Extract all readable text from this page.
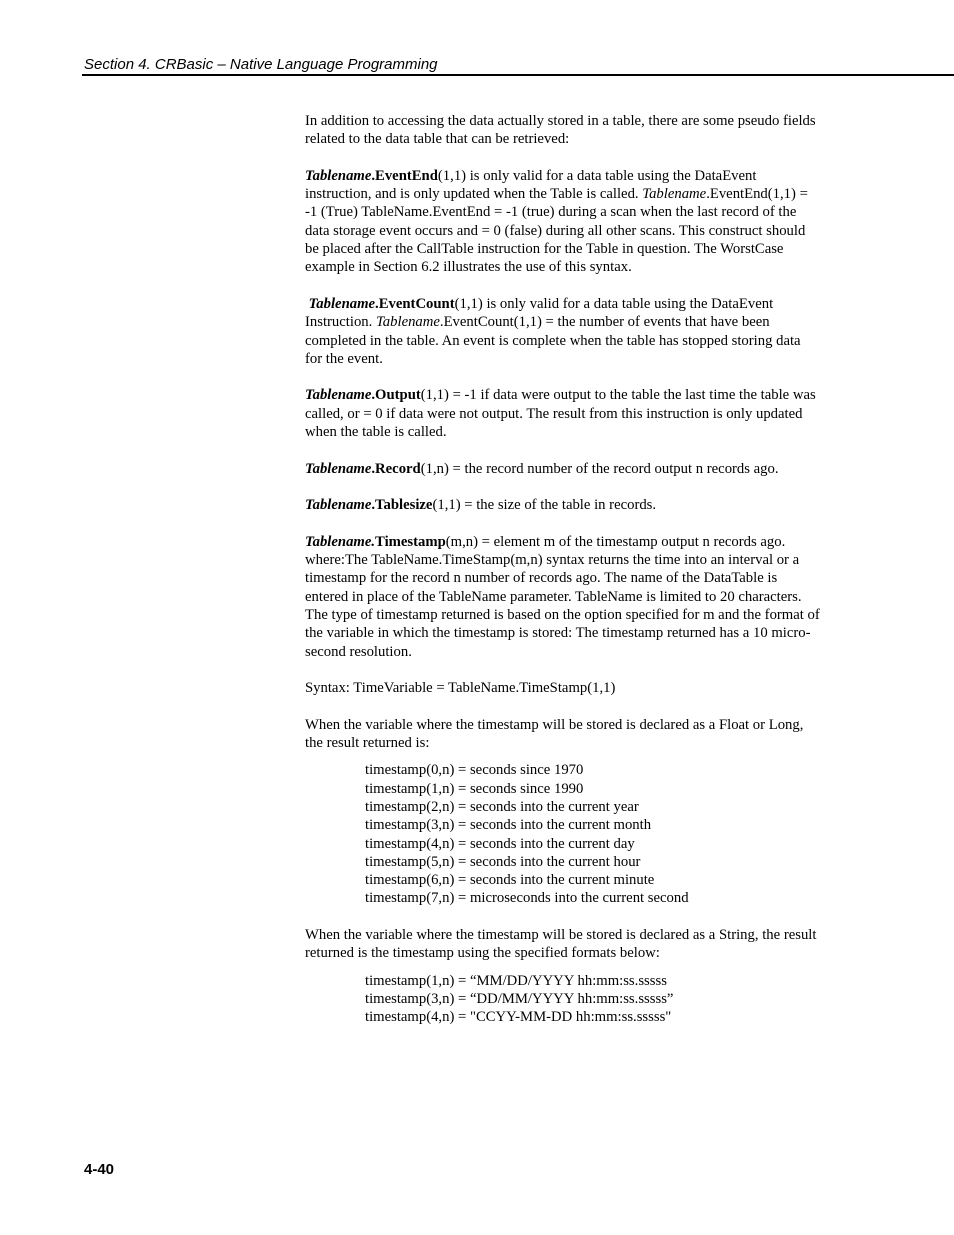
Section 4. CRBasic – Native Language Programming

In addition to accessing the data actually stored in a table, there are some pseudo fields related to the data table that can be retrieved:

Tablename.EventEnd(1,1) is only valid for a data table using the DataEvent instruction, and is only updated when the Table is called. Tablename.EventEnd(1,1) = -1 (True) TableName.EventEnd = -1 (true) during a scan when the last record of the data storage event occurs and = 0 (false) during all other scans. This construct should be placed after the CallTable instruction for the Table in question. The WorstCase example in Section 6.2 illustrates the use of this syntax.

Tablename.EventCount(1,1) is only valid for a data table using the DataEvent Instruction. Tablename.EventCount(1,1) = the number of events that have been completed in the table. An event is complete when the table has stopped storing data for the event.

Tablename.Output(1,1) = -1 if data were output to the table the last time the table was called, or = 0 if data were not output. The result from this instruction is only updated when the table is called.

Tablename.Record(1,n) = the record number of the record output n records ago.

Tablename.Tablesize(1,1) = the size of the table in records.

Tablename.Timestamp(m,n) = element m of the timestamp output n records ago. where:The TableName.TimeStamp(m,n) syntax returns the time into an interval or a timestamp for the record n number of records ago. The name of the DataTable is entered in place of the TableName parameter. TableName is limited to 20 characters. The type of timestamp returned is based on the option specified for m and the format of the variable in which the timestamp is stored: The timestamp returned has a 10 micro-second resolution.

Syntax: TimeVariable = TableName.TimeStamp(1,1)

When the variable where the timestamp will be stored is declared as a Float or Long, the result returned is:

timestamp(0,n) = seconds since 1970
timestamp(1,n) = seconds since 1990
timestamp(2,n) = seconds into the current year
timestamp(3,n) = seconds into the current month
timestamp(4,n) = seconds into the current day
timestamp(5,n) = seconds into the current hour
timestamp(6,n) = seconds into the current minute
timestamp(7,n) = microseconds into the current second

When the variable where the timestamp will be stored is declared as a String, the result returned is the timestamp using the specified formats below:

timestamp(1,n) = “MM/DD/YYYY hh:mm:ss.sssss
timestamp(3,n) = “DD/MM/YYYY hh:mm:ss.sssss”
timestamp(4,n) = "CCYY-MM-DD hh:mm:ss.sssss"
4-40
